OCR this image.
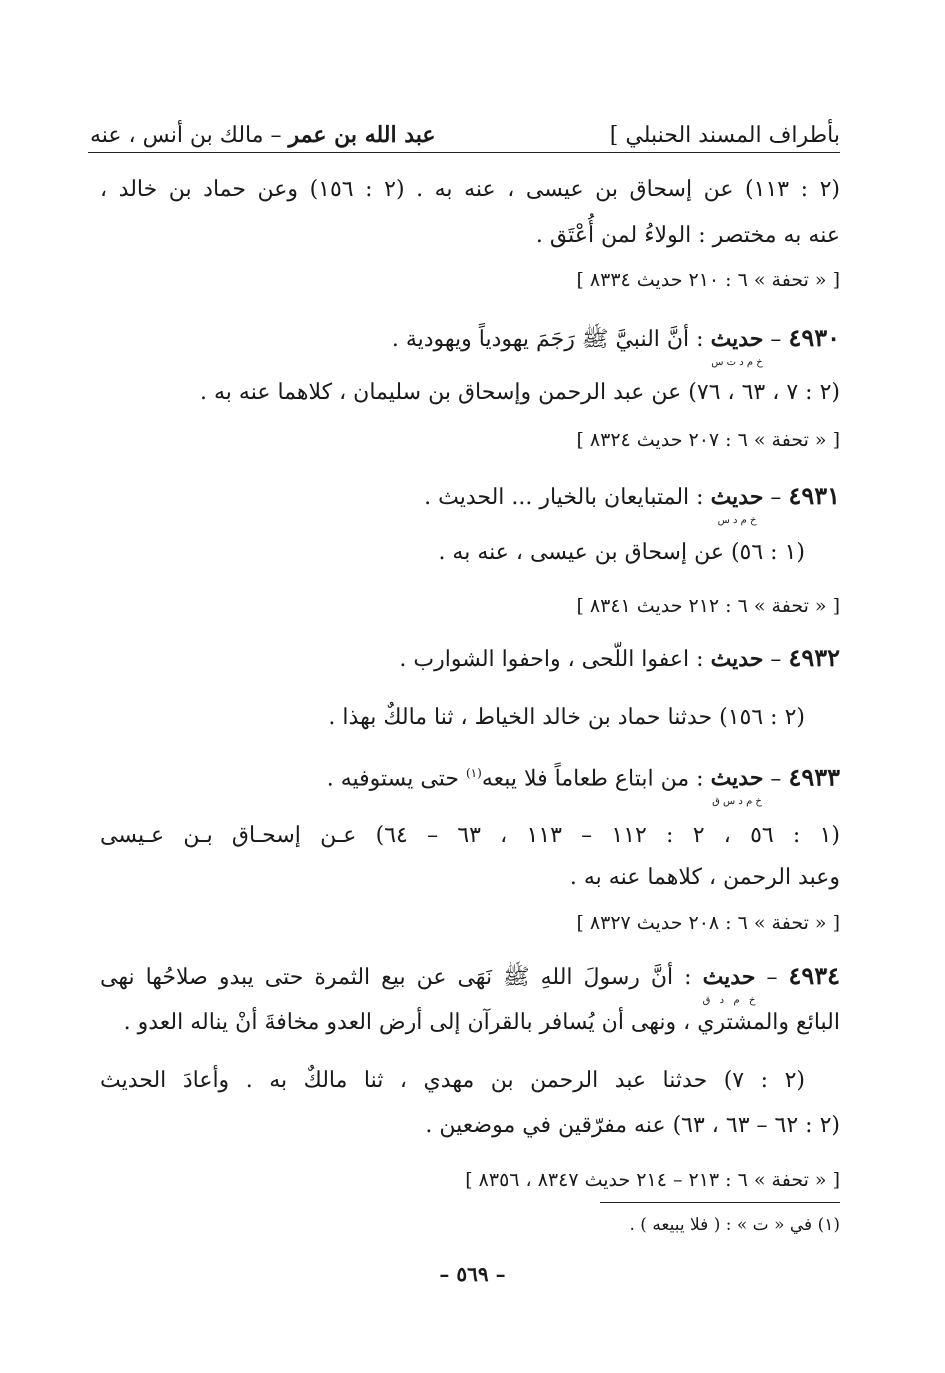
بأطراف المسند الحنبلي ]
عبد الله بن عمر – مالك بن أنس ، عنه
(٢ : ١١٣) عن إسحاق بن عيسى ، عنه به . (٢ : ١٥٦) وعن حماد بن خالد ،
عنه به مختصر : الولاءُ لمن أُعْتَق .
[ « تحفة » ٦ : ٢١٠ حديث ٨٣٣٤ ]
٤٩٣٠ – حديث
خ م د ت س
: أنَّ النبيَّ ﷺ رَجَمَ يهودياً ويهودية .
(٢ : ٧ ، ٦٣ ، ٧٦) عن عبد الرحمن وإسحاق بن سليمان ، كلاهما عنه به .
[ « تحفة » ٦ : ٢٠٧ حديث ٨٣٢٤ ]
٤٩٣١ – حديث
خ م د س
: المتبايعان بالخيار ... الحديث .
(١ : ٥٦) عن إسحاق بن عيسى ، عنه به .
[ « تحفة » ٦ : ٢١٢ حديث ٨٣٤١ ]
٤٩٣٢ – حديث : اعفوا اللّحى ، واحفوا الشوارب .
(٢ : ١٥٦) حدثنا حماد بن خالد الخياط ، ثنا مالكٌ بهذا .
٤٩٣٣ – حديث
خ م د س ق
: من ابتاع طعاماً فلا يبعه$^{(١)}$ حتى يستوفيه .
(١ : ٥٦ ، ٢ : ١١٢ – ١١٣ ، ٦٣ – ٦٤) عـن إسحـاق بـن عـيسى
وعبد الرحمن ، كلاهما عنه به .
[ « تحفة » ٦ : ٢٠٨ حديث ٨٣٢٧ ]
٤٩٣٤ – حديث
خ م د ق
: أنَّ رسولَ اللهِ ﷺ نَهَى عن بيع الثمرة حتى يبدو صلاحُها نهى
البائع والمشتري ، ونهى أن يُسافر بالقرآن إلى أرض العدو مخافةَ أنْ يناله العدو .
(٢ : ٧) حدثنا عبد الرحمن بن مهدي ، ثنا مالكٌ به . وأعادَ الحديث
(٢ : ٦٢ – ٦٣ ، ٦٣) عنه مفرّقين في موضعين .
[ « تحفة » ٦ : ٢١٣ – ٢١٤ حديث ٨٣٤٧ ، ٨٣٥٦ ]
(١) في « ت » : ( فلا يبيعه ) .
– ٥٦٩ –
